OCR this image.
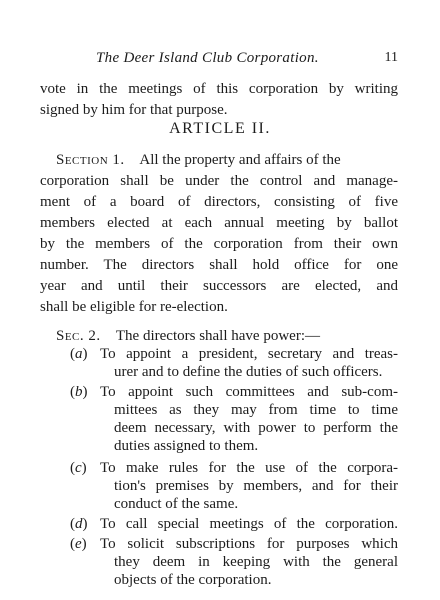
The Deer Island Club Corporation.	11
vote in the meetings of this corporation by writing
signed by him for that purpose.
ARTICLE II.
Section 1. All the property and affairs of the
corporation shall be under the control and manage-
ment of a board of directors, consisting of five
members elected at each annual meeting by ballot
by the members of the corporation from their own
number. The directors shall hold office for one
year and until their successors are elected, and
shall be eligible for re-election.
Sec. 2. The directors shall have power:—
(a) To appoint a president, secretary and treas-
urer and to define the duties of such officers.
(b) To appoint such committees and sub-com-
mittees as they may from time to time
deem necessary, with power to perform the
duties assigned to them.
(c) To make rules for the use of the corpora-
tion's premises by members, and for their
conduct of the same.
(d) To call special meetings of the corporation.
(e) To solicit subscriptions for purposes which
they deem in keeping with the general
objects of the corporation.
